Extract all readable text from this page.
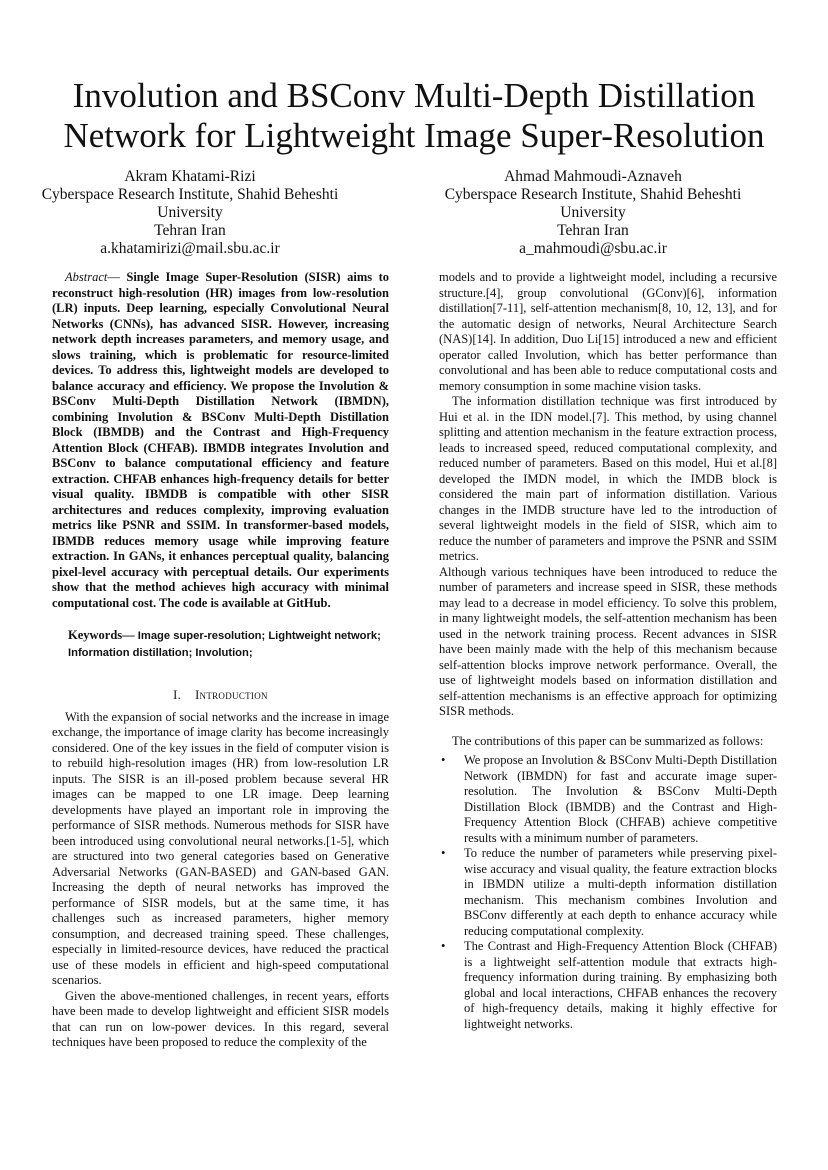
Involution and BSConv Multi-Depth Distillation
Network for Lightweight Image Super-Resolution
Akram Khatami-Rizi
Cyberspace Research Institute, Shahid Beheshti
University
Tehran Iran
a.khatamirizi@mail.sbu.ac.ir
Ahmad Mahmoudi-Aznaveh
Cyberspace Research Institute, Shahid Beheshti
University
Tehran Iran
a_mahmoudi@sbu.ac.ir

Abstract— Single Image Super-Resolution (SISR) aims to reconstruct high-resolution (HR) images from low-resolution (LR) inputs. Deep learning, especially Convolutional Neural Networks (CNNs), has advanced SISR. However, increasing network depth increases parameters, and memory usage, and slows training, which is problematic for resource-limited devices. To address this, lightweight models are developed to balance accuracy and efficiency. We propose the Involution & BSConv Multi-Depth Distillation Network (IBMDN), combining Involution & BSConv Multi-Depth Distillation Block (IBMDB) and the Contrast and High-Frequency Attention Block (CHFAB). IBMDB integrates Involution and BSConv to balance computational efficiency and feature extraction. CHFAB enhances high-frequency details for better visual quality. IBMDB is compatible with other SISR architectures and reduces complexity, improving evaluation metrics like PSNR and SSIM. In transformer-based models, IBMDB reduces memory usage while improving feature extraction. In GANs, it enhances perceptual quality, balancing pixel-level accuracy with perceptual details. Our experiments show that the method achieves high accuracy with minimal computational cost. The code is available at GitHub.

Keywords— Image super-resolution; Lightweight network; Information distillation; Involution;

I. Introduction

With the expansion of social networks and the increase in image exchange, the importance of image clarity has become increasingly considered. One of the key issues in the field of computer vision is to rebuild high-resolution images (HR) from low-resolution LR inputs. The SISR is an ill-posed problem because several HR images can be mapped to one LR image. Deep learning developments have played an important role in improving the performance of SISR methods. Numerous methods for SISR have been introduced using convolutional neural networks.[1-5], which are structured into two general categories based on Generative Adversarial Networks (GAN-BASED) and GAN-based GAN. Increasing the depth of neural networks has improved the performance of SISR models, but at the same time, it has challenges such as increased parameters, higher memory consumption, and decreased training speed. These challenges, especially in limited-resource devices, have reduced the practical use of these models in efficient and high-speed computational scenarios.

Given the above-mentioned challenges, in recent years, efforts have been made to develop lightweight and efficient SISR models that can run on low-power devices. In this regard, several techniques have been proposed to reduce the complexity of the

models and to provide a lightweight model, including a recursive structure.[4], group convolutional (GConv)[6], information distillation[7-11], self-attention mechanism[8, 10, 12, 13], and for the automatic design of networks, Neural Architecture Search (NAS)[14]. In addition, Duo Li[15] introduced a new and efficient operator called Involution, which has better performance than convolutional and has been able to reduce computational costs and memory consumption in some machine vision tasks.

The information distillation technique was first introduced by Hui et al. in the IDN model.[7]. This method, by using channel splitting and attention mechanism in the feature extraction process, leads to increased speed, reduced computational complexity, and reduced number of parameters. Based on this model, Hui et al.[8] developed the IMDN model, in which the IMDB block is considered the main part of information distillation. Various changes in the IMDB structure have led to the introduction of several lightweight models in the field of SISR, which aim to reduce the number of parameters and improve the PSNR and SSIM metrics.

Although various techniques have been introduced to reduce the number of parameters and increase speed in SISR, these methods may lead to a decrease in model efficiency. To solve this problem, in many lightweight models, the self-attention mechanism has been used in the network training process. Recent advances in SISR have been mainly made with the help of this mechanism because self-attention blocks improve network performance. Overall, the use of lightweight models based on information distillation and self-attention mechanisms is an effective approach for optimizing SISR methods.

The contributions of this paper can be summarized as follows:

• We propose an Involution & BSConv Multi-Depth Distillation Network (IBMDN) for fast and accurate image super-resolution. The Involution & BSConv Multi-Depth Distillation Block (IBMDB) and the Contrast and High-Frequency Attention Block (CHFAB) achieve competitive results with a minimum number of parameters.
• To reduce the number of parameters while preserving pixel-wise accuracy and visual quality, the feature extraction blocks in IBMDN utilize a multi-depth information distillation mechanism. This mechanism combines Involution and BSConv differently at each depth to enhance accuracy while reducing computational complexity.
• The Contrast and High-Frequency Attention Block (CHFAB) is a lightweight self-attention module that extracts high-frequency information during training. By emphasizing both global and local interactions, CHFAB enhances the recovery of high-frequency details, making it highly effective for lightweight networks.
